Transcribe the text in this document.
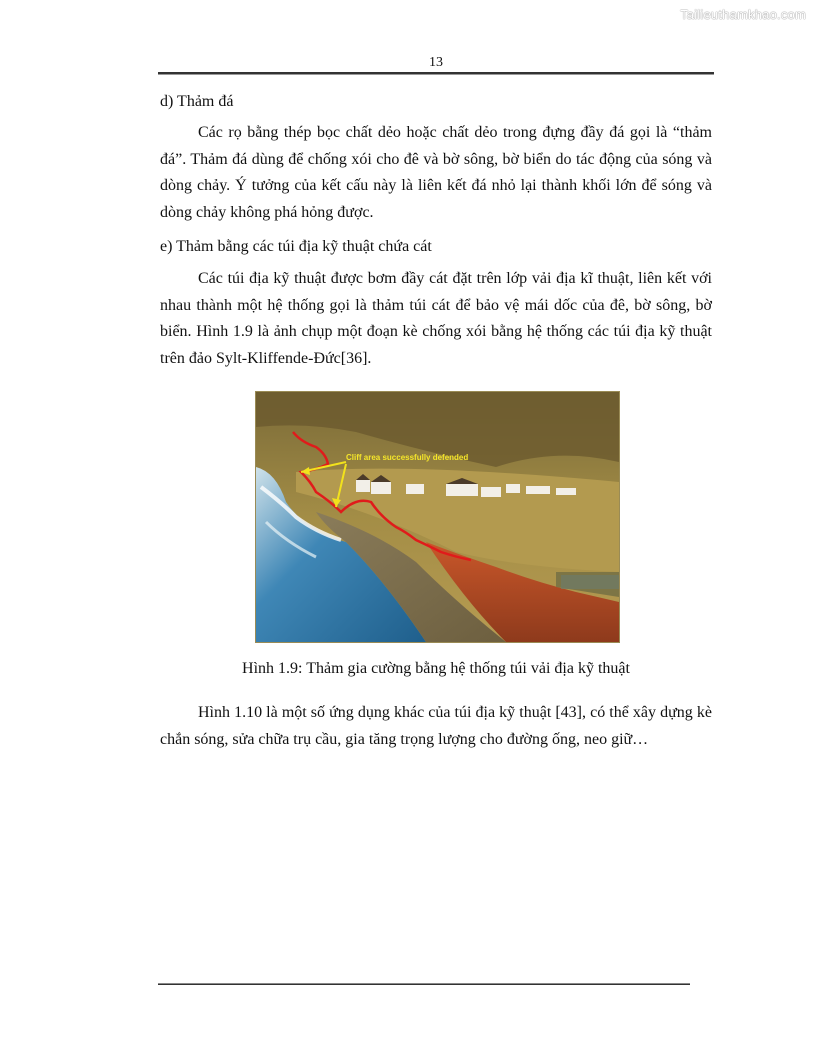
Tailieuthamkhao.com
13
d) Thảm đá

Các rọ bằng thép bọc chất dẻo hoặc chất dẻo trong đựng đầy đá gọi là “thảm đá”. Thảm đá dùng để chống xói cho đê và bờ sông, bờ biển do tác động của sóng và dòng chảy. Ý tưởng của kết cấu này là liên kết đá nhỏ lại thành khối lớn để sóng và dòng chảy không phá hỏng được.

e) Thảm bằng các túi địa kỹ thuật chứa cát

Các túi địa kỹ thuật được bơm đầy cát đặt trên lớp vải địa kĩ thuật, liên kết với nhau thành một hệ thống gọi là thảm túi cát để bảo vệ mái dốc của đê, bờ sông, bờ biển. Hình 1.9 là ảnh chụp một đoạn kè chống xói bằng hệ thống các túi địa kỹ thuật trên đảo Sylt-Kliffende-Đức[36].

Cliff area successfully defended
Hình 1.9: Thảm gia cường bằng hệ thống túi vải địa kỹ thuật

Hình 1.10 là một số ứng dụng khác của túi địa kỹ thuật [43], có thể xây dựng kè chắn sóng, sửa chữa trụ cầu, gia tăng trọng lượng cho đường ống, neo giữ…
